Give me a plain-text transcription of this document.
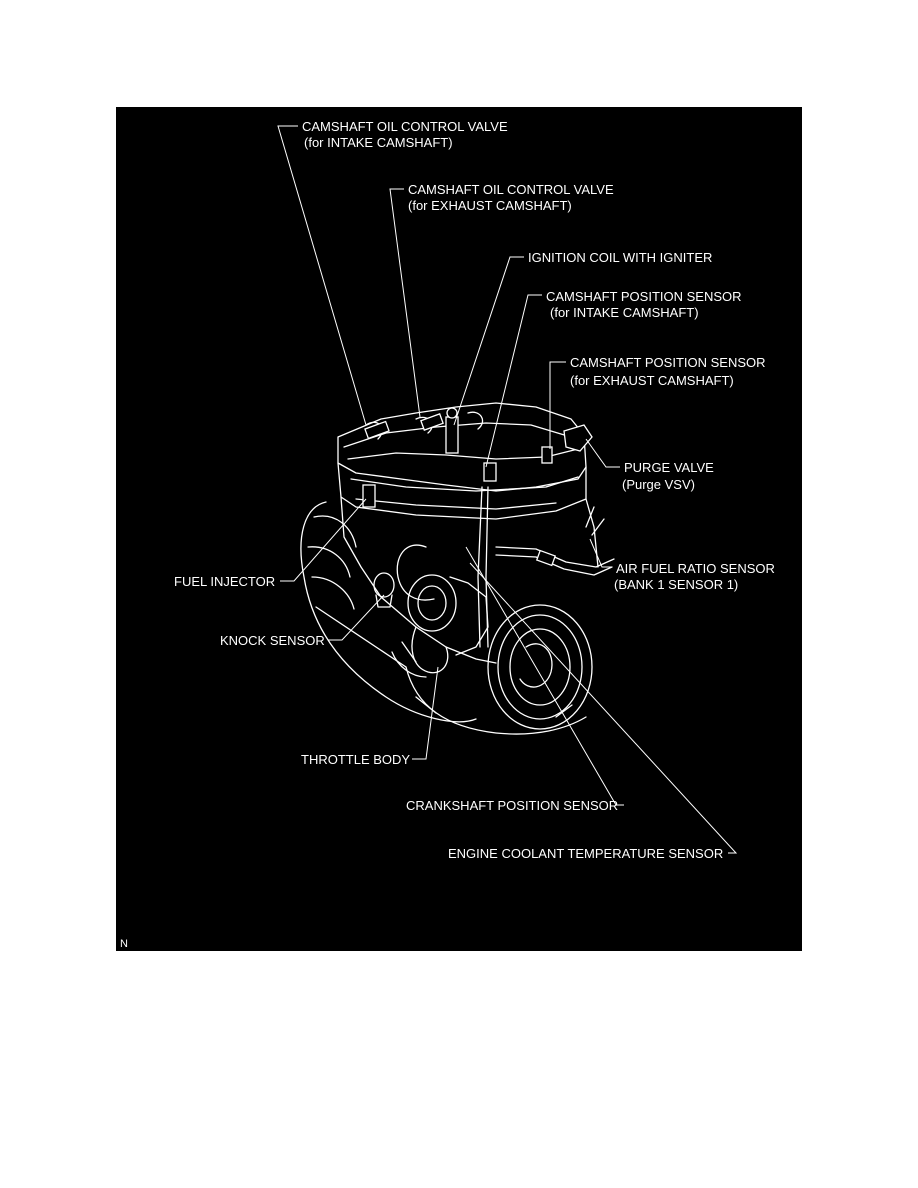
CAMSHAFT OIL CONTROL VALVE
(for INTAKE CAMSHAFT)
CAMSHAFT OIL CONTROL VALVE
(for EXHAUST CAMSHAFT)
IGNITION COIL WITH IGNITER
CAMSHAFT POSITION SENSOR
(for INTAKE CAMSHAFT)
CAMSHAFT POSITION SENSOR
(for EXHAUST CAMSHAFT)
PURGE VALVE
(Purge VSV)
AIR FUEL RATIO SENSOR
(BANK 1 SENSOR 1)
FUEL INJECTOR
KNOCK SENSOR
THROTTLE BODY
CRANKSHAFT POSITION SENSOR
ENGINE COOLANT TEMPERATURE SENSOR
N
